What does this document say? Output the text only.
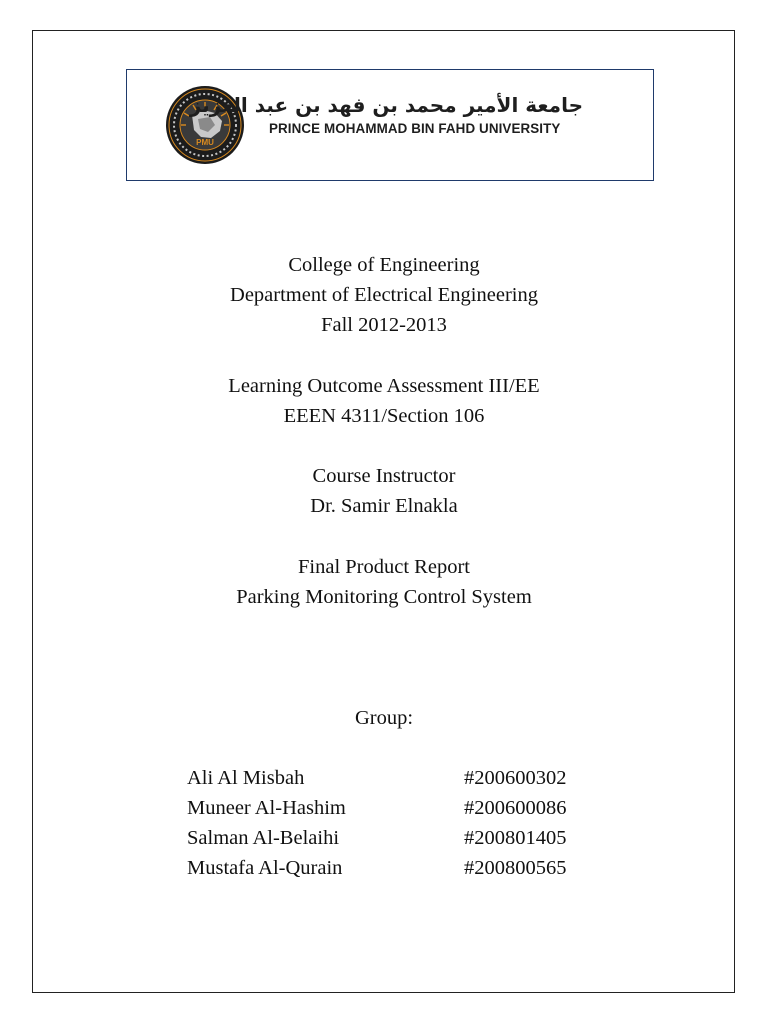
PMU
جامعة الأمير محمد بن فهد بن عبد العزيز
PRINCE MOHAMMAD BIN FAHD UNIVERSITY
College of Engineering
Department of Electrical Engineering
Fall 2012-2013
Learning Outcome Assessment III/EE
EEEN 4311/Section 106
Course Instructor
Dr. Samir Elnakla
Final Product Report
Parking Monitoring Control System
Group:
Ali Al Misbah	#200600302
Muneer Al-Hashim	#200600086
Salman Al-Belaihi	#200801405
Mustafa Al-Qurain	#200800565
